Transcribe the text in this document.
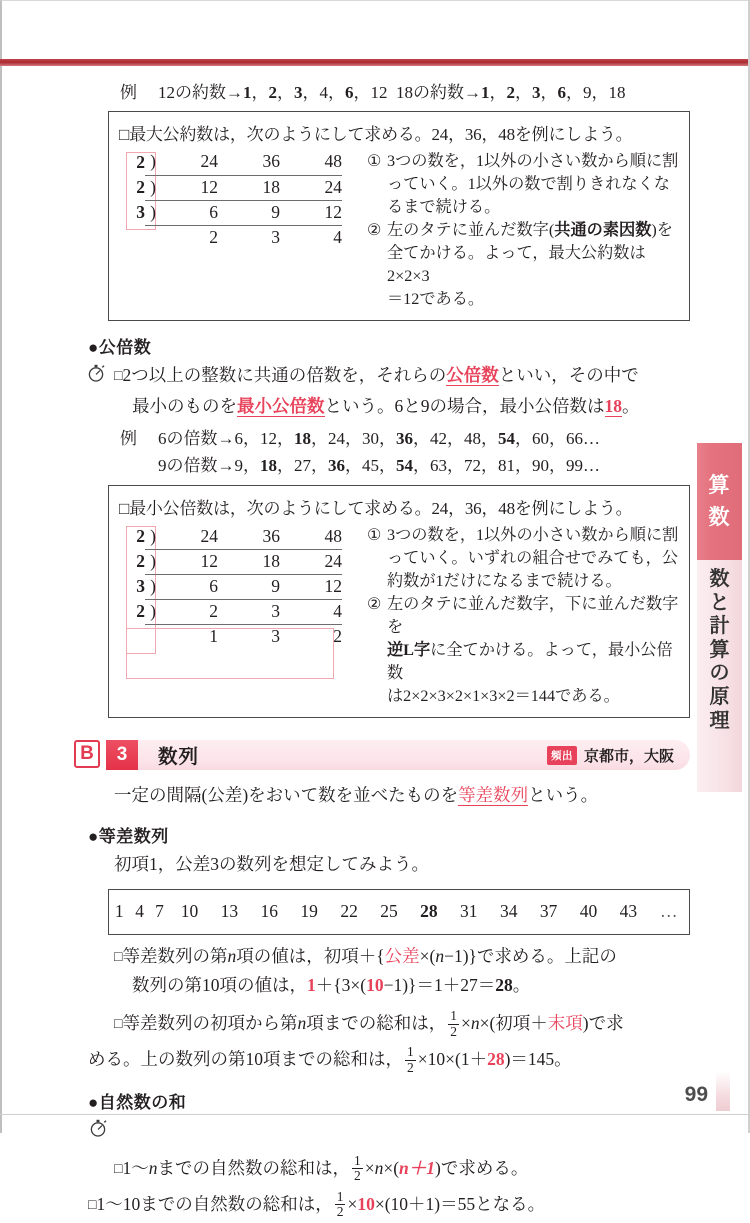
算
数
数
と
計
算
の
原
理
99
例 12の約数→1，2，3，4，6，12 18の約数→1，2，3，6，9，18
□最大公約数は，次のようにして求める。24，36，48を例にしよう。
2	)	24	36	48
2	)	12	18	24
3	)	6	9	12
		2	3	4
① 3つの数を，1以外の小さい数から順に割っていく。1以外の数で割りきれなくなるまで続ける。
② 左のタテに並んだ数字(共通の素因数)を全てかける。よって，最大公約数は2×2×3
＝12である。
●公倍数
□2つ以上の整数に共通の倍数を，それらの公倍数といい，その中で
最小のものを最小公倍数という。6と9の場合，最小公倍数は18。
例 6の倍数→6，12，18，24，30，36，42，48，54，60，66…
9の倍数→9，18，27，36，45，54，63，72，81，90，99…
□最小公倍数は，次のようにして求める。24，36，48を例にしよう。
2	)	24	36	48
2	)	12	18	24
3	)	6	9	12
2	)	2	3	4
		1	3	2
① 3つの数を，1以外の小さい数から順に割っていく。いずれの組合せでみても，公約数が1だけになるまで続ける。
② 左のタテに並んだ数字，下に並んだ数字を
逆L字に全てかける。よって，最小公倍数
は2×2×3×2×1×3×2＝144である。
B	3	数列	頻出 京都市，大阪
一定の間隔(公差)をおいて数を並べたものを等差数列という。
●等差数列
初項1，公差3の数列を想定してみよう。
1	4	7	10	13	16	19	22	25	28	31	34	37	40	43	…
□等差数列の第n項の値は，初項＋{公差×(n−1)}で求める。上記の
数列の第10項の値は，1＋{3×(10−1)}＝1＋27＝28。
□等差数列の初項から第n項までの総和は， $\frac{1}{2} \times n\times$(初項＋末項)で求
める。上の数列の第10項までの総和は， $\frac{1}{2} \times 10\times(1+28)=145$。
●自然数の和
□1〜nまでの自然数の総和は， $\frac{1}{2} \times n\times(n+1)$で求める。
□1〜10までの自然数の総和は， $\frac{1}{2} \times 10\times(10+1)=55$となる。
